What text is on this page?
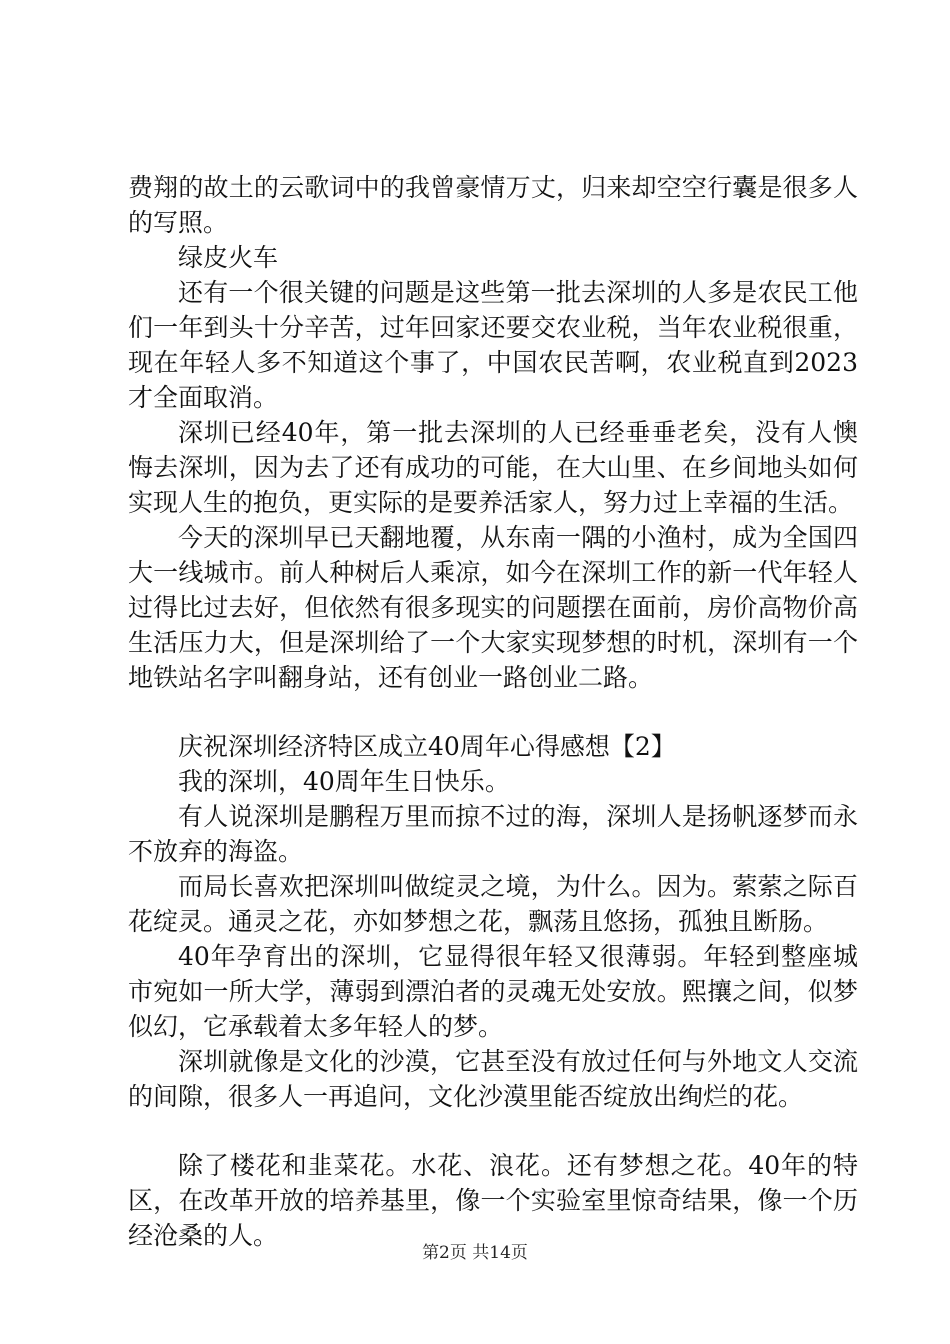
费翔的故土的云歌词中的我曾豪情万丈，归来却空空行囊是很多人的写照。

绿皮火车

还有一个很关键的问题是这些第一批去深圳的人多是农民工他们一年到头十分辛苦，过年回家还要交农业税，当年农业税很重，现在年轻人多不知道这个事了，中国农民苦啊，农业税直到2023才全面取消。

深圳已经40年，第一批去深圳的人已经垂垂老矣，没有人懊悔去深圳，因为去了还有成功的可能，在大山里、在乡间地头如何实现人生的抱负，更实际的是要养活家人，努力过上幸福的生活。

今天的深圳早已天翻地覆，从东南一隅的小渔村，成为全国四大一线城市。前人种树后人乘凉，如今在深圳工作的新一代年轻人过得比过去好，但依然有很多现实的问题摆在面前，房价高物价高生活压力大，但是深圳给了一个大家实现梦想的时机，深圳有一个地铁站名字叫翻身站，还有创业一路创业二路。

庆祝深圳经济特区成立40周年心得感想【2】

我的深圳，40周年生日快乐。

有人说深圳是鹏程万里而掠不过的海，深圳人是扬帆逐梦而永不放弃的海盗。

而局长喜欢把深圳叫做绽灵之境，为什么。因为。萦萦之际百花绽灵。通灵之花，亦如梦想之花，飘荡且悠扬，孤独且断肠。

40年孕育出的深圳，它显得很年轻又很薄弱。年轻到整座城市宛如一所大学，薄弱到漂泊者的灵魂无处安放。熙攘之间，似梦似幻，它承载着太多年轻人的梦。

深圳就像是文化的沙漠，它甚至没有放过任何与外地文人交流的间隙，很多人一再追问，文化沙漠里能否绽放出绚烂的花。

除了楼花和韭菜花。水花、浪花。还有梦想之花。40年的特区，在改革开放的培养基里，像一个实验室里惊奇结果，像一个历经沧桑的人。

第2页 共14页
